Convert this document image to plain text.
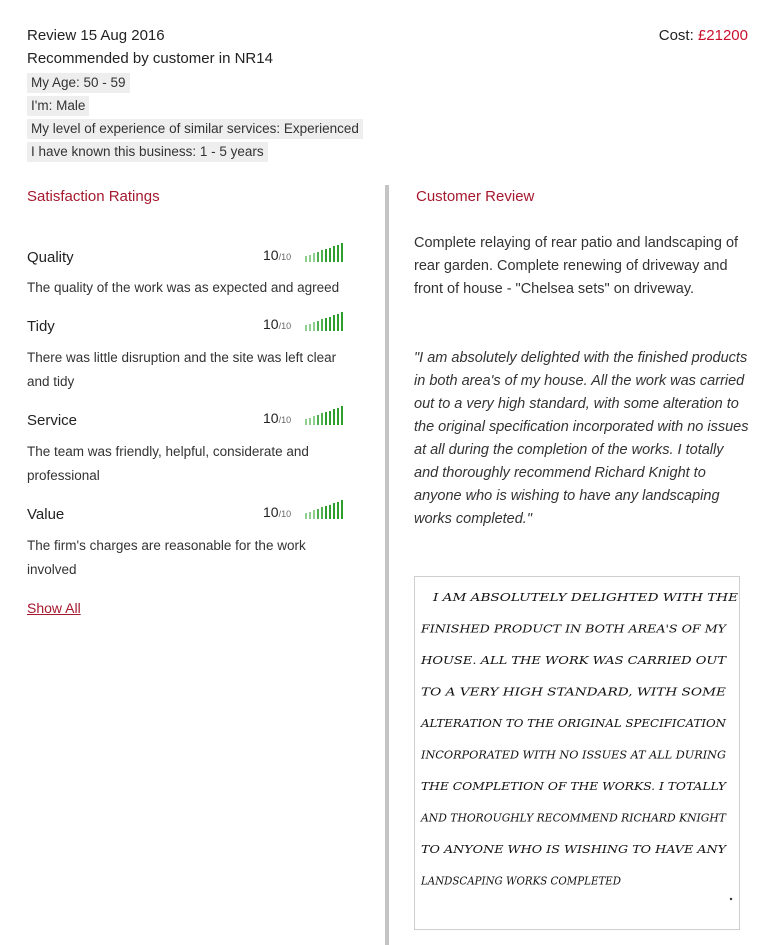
Review 15 Aug 2016
Recommended by customer in NR14
Cost: £21200
My Age: 50 - 59
I'm: Male
My level of experience of similar services: Experienced
I have known this business: 1 - 5 years
Satisfaction Ratings
Quality	10/10
The quality of the work was as expected and agreed
Tidy	10/10
There was little disruption and the site was left clear and tidy
Service	10/10
The team was friendly, helpful, considerate and professional
Value	10/10
The firm's charges are reasonable for the work involved
Show All
Customer Review
Complete relaying of rear patio and landscaping of rear garden. Complete renewing of driveway and front of house - "Chelsea sets" on driveway.
"I am absolutely delighted with the finished products in both area's of my house. All the work was carried out to a very high standard, with some alteration to the original specification incorporated with no issues at all during the completion of the works. I totally and thoroughly recommend Richard Knight to anyone who is wishing to have any landscaping works completed."
I AM ABSOLUTELY DELIGHTED WITH THE
FINISHED PRODUCT IN BOTH AREA'S OF MY
HOUSE. ALL THE WORK WAS CARRIED OUT
TO A VERY HIGH STANDARD, WITH SOME
ALTERATION TO THE ORIGINAL SPECIFICATION
INCORPORATED WITH NO ISSUES AT ALL DURING
THE COMPLETION OF THE WORKS. I TOTALLY
AND THOROUGHLY RECOMMEND RICHARD KNIGHT
TO ANYONE WHO IS WISHING TO HAVE ANY
LANDSCAPING WORKS COMPLETED
